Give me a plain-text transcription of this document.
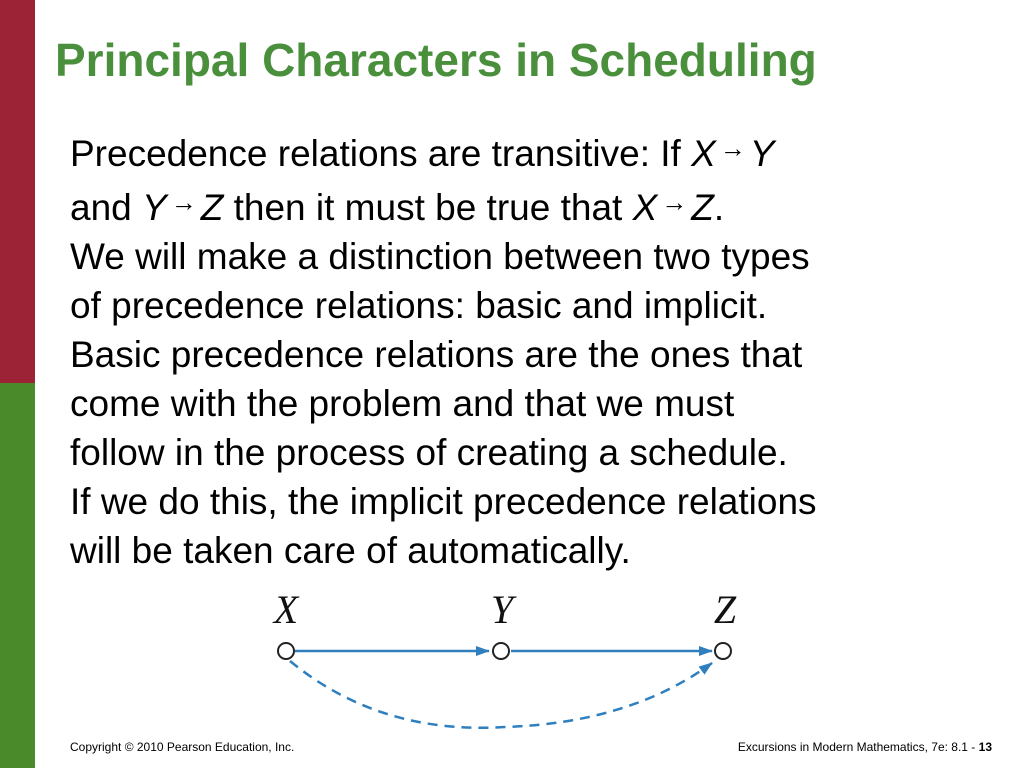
Principal Characters in Scheduling
Precedence relations are transitive: If X → Y
and Y → Z then it must be true that X → Z.
We will make a distinction between two types
of precedence relations: basic and implicit.
Basic precedence relations are the ones that
come with the problem and that we must
follow in the process of creating a schedule.
If we do this, the implicit precedence relations
will be taken care of automatically.
X	Y	Z
Copyright © 2010 Pearson Education, Inc.	Excursions in Modern Mathematics, 7e: 8.1 - 13
